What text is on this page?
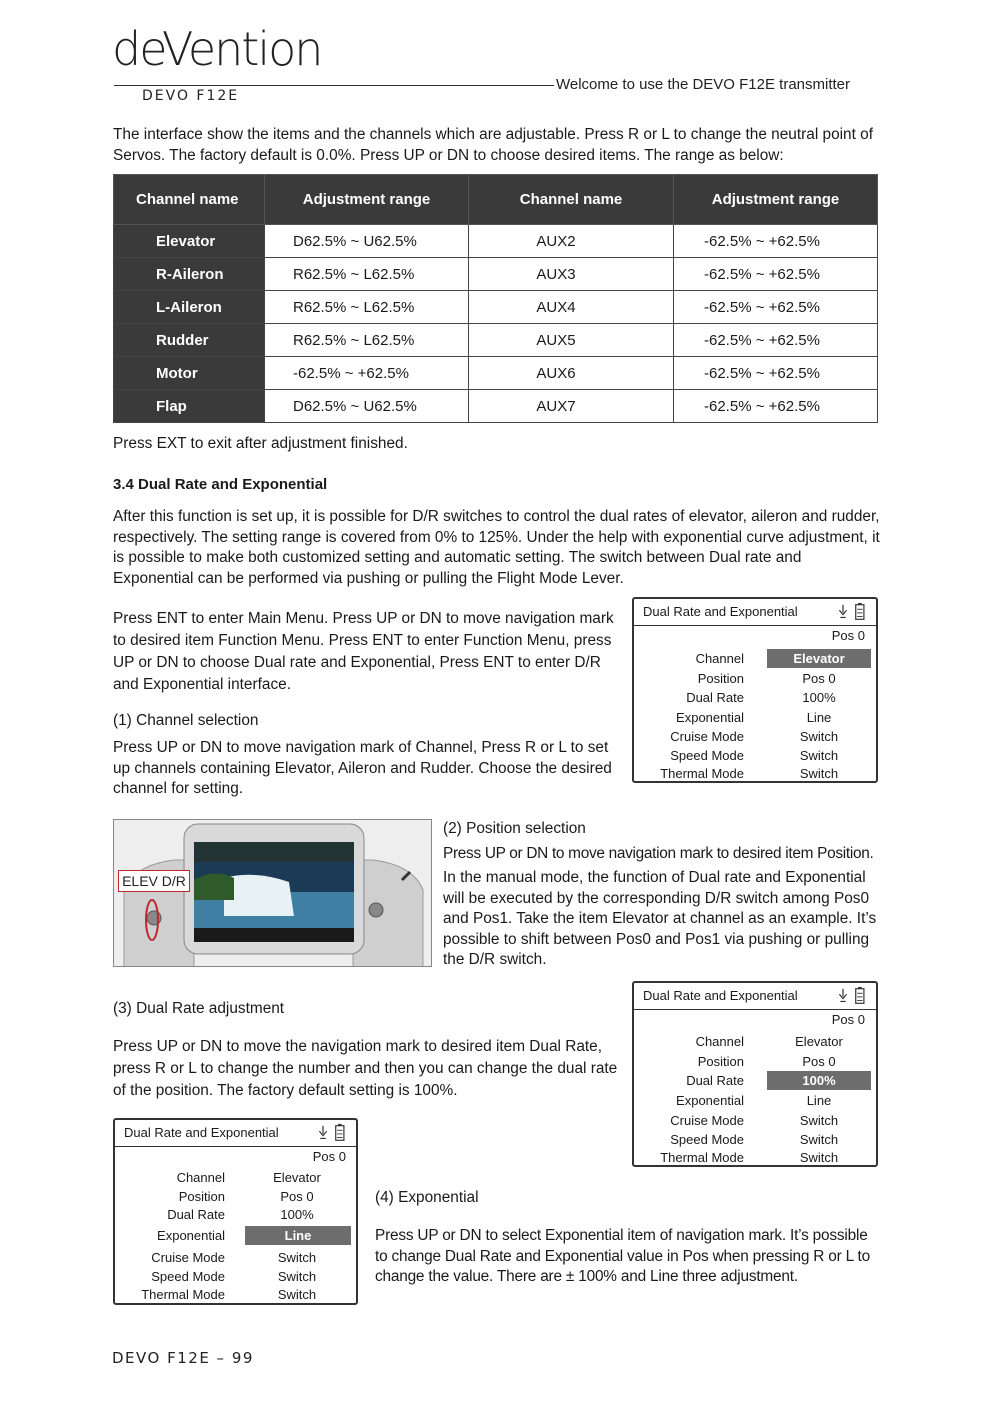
deVention
DEVO F12E
Welcome to use the DEVO F12E transmitter

The interface show the items and the channels which are adjustable. Press R or L to change the neutral point of Servos. The factory default is 0.0%. Press UP or DN to choose desired items. The range as below:

Channel name	Adjustment range	Channel name	Adjustment range
Elevator	D62.5% ~ U62.5%	AUX2	-62.5% ~ +62.5%
R-Aileron	R62.5% ~ L62.5%	AUX3	-62.5% ~ +62.5%
L-Aileron	R62.5% ~ L62.5%	AUX4	-62.5% ~ +62.5%
Rudder	R62.5% ~ L62.5%	AUX5	-62.5% ~ +62.5%
Motor	-62.5% ~ +62.5%	AUX6	-62.5% ~ +62.5%
Flap	D62.5% ~ U62.5%	AUX7	-62.5% ~ +62.5%

Press EXT to exit after adjustment finished.

3.4 Dual Rate and Exponential

After this function is set up, it is possible for D/R switches to control the dual rates of elevator, aileron and rudder, respectively. The setting range is covered from 0% to 125%. Under the help with exponential curve adjustment, it is possible to make both customized setting and automatic setting. The switch between Dual rate and Exponential can be performed via pushing or pulling the Flight Mode Lever.

Press ENT to enter Main Menu. Press UP or DN to move navigation mark to desired item Function Menu. Press ENT to enter Function Menu, press UP or DN to choose Dual rate and Exponential, Press ENT to enter D/R and Exponential interface.

(1) Channel selection

Press UP or DN to move navigation mark of Channel, Press R or L to set up channels containing Elevator, Aileron and Rudder. Choose the desired channel for setting.

Dual Rate and Exponential
Pos 0
Channel	Elevator
Position	Pos 0
Dual Rate	100%
Exponential	Line
Cruise Mode	Switch
Speed Mode	Switch
Thermal Mode	Switch
ELEV D/R

(2) Position selection

Press UP or DN to move navigation mark to desired item Position.

In the manual mode, the function of Dual rate and Exponential will be executed by the corresponding D/R switch among Pos0 and Pos1. Take the item Elevator at channel as an example. It’s possible to shift between Pos0 and Pos1 via pushing or pulling the D/R switch.

Dual Rate and Exponential
Pos 0
Channel	Elevator
Position	Pos 0
Dual Rate	100%
Exponential	Line
Cruise Mode	Switch
Speed Mode	Switch
Thermal Mode	Switch

(3) Dual Rate adjustment

Press UP or DN to move the navigation mark to desired item Dual Rate, press R or L to change the number and then you can change the dual rate of the position. The factory default setting is 100%.

Dual Rate and Exponential
Pos 0
Channel	Elevator
Position	Pos 0
Dual Rate	100%
Exponential	Line
Cruise Mode	Switch
Speed Mode	Switch
Thermal Mode	Switch

(4) Exponential

Press UP or DN to select Exponential item of navigation mark. It’s possible to change Dual Rate and Exponential value in Pos when pressing R or L to change the value. There are ± 100% and Line three adjustment.

DEVO F12E – 99
